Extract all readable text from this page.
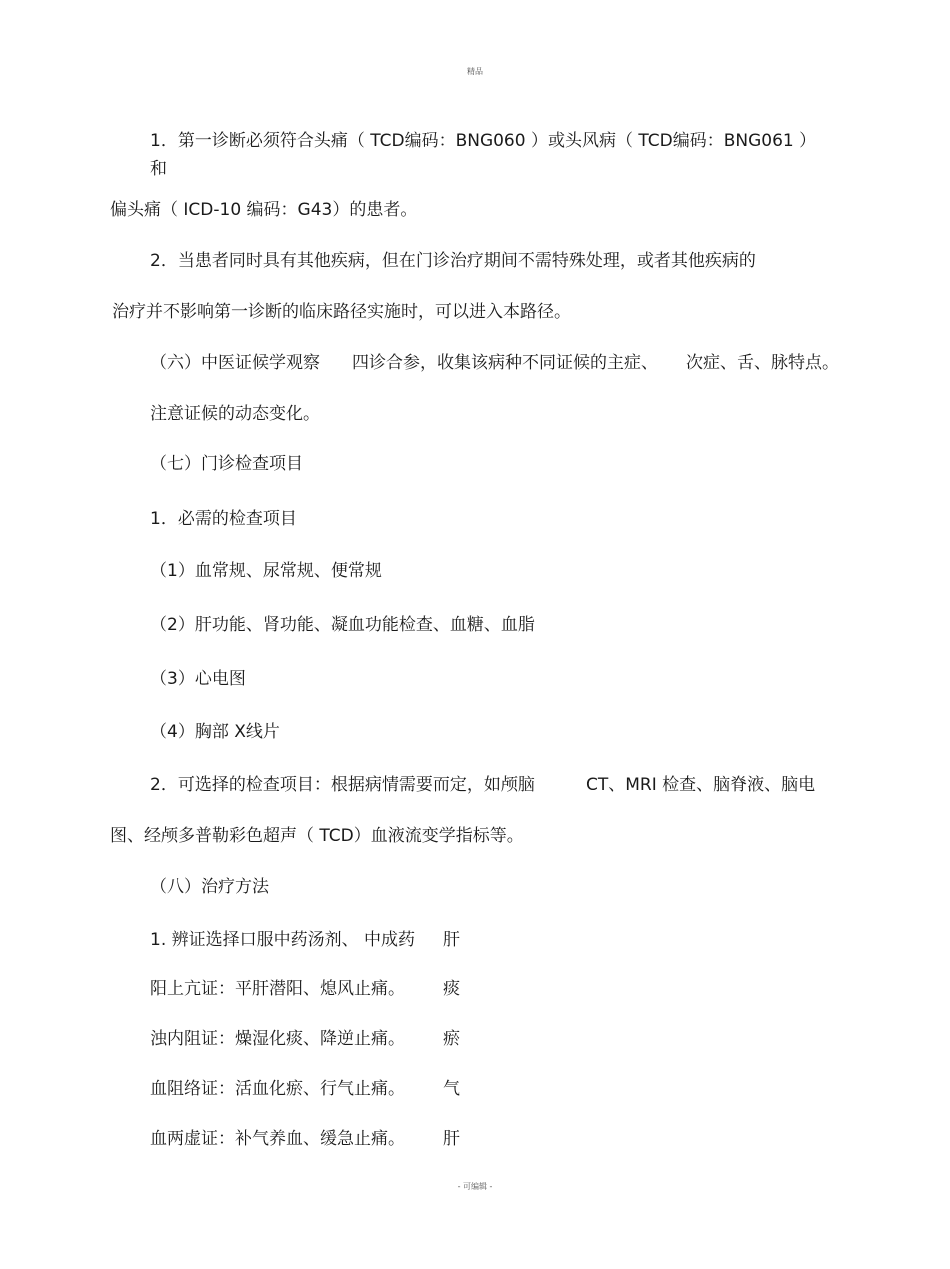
精品
1．第一诊断必须符合头痛（ TCD编码：BNG060 ）或头风病（ TCD编码：BNG061 ）
和
偏头痛（ ICD-10 编码：G43）的患者。
2．当患者同时具有其他疾病，但在门诊治疗期间不需特殊处理，或者其他疾病的
治疗并不影响第一诊断的临床路径实施时，可以进入本路径。
（六）中医证候学观察 四诊合参，收集该病种不同证候的主症、 次症、舌、脉特点。
注意证候的动态变化。
（七）门诊检查项目
1．必需的检查项目
（1）血常规、尿常规、便常规
（2）肝功能、肾功能、凝血功能检查、血糖、血脂
（3）心电图
（4）胸部 X线片
2．可选择的检查项目：根据病情需要而定，如颅脑	CT、MRI 检查、脑脊液、脑电
图、经颅多普勒彩色超声（ TCD）血液流变学指标等。
（八）治疗方法
1. 辨证选择口服中药汤剂、 中成药 肝
阳上亢证：平肝潜阳、熄风止痛。 痰
浊内阻证：燥湿化痰、降逆止痛。 瘀
血阻络证：活血化瘀、行气止痛。 气
血两虚证：补气养血、缓急止痛。 肝
- 可编辑 -
